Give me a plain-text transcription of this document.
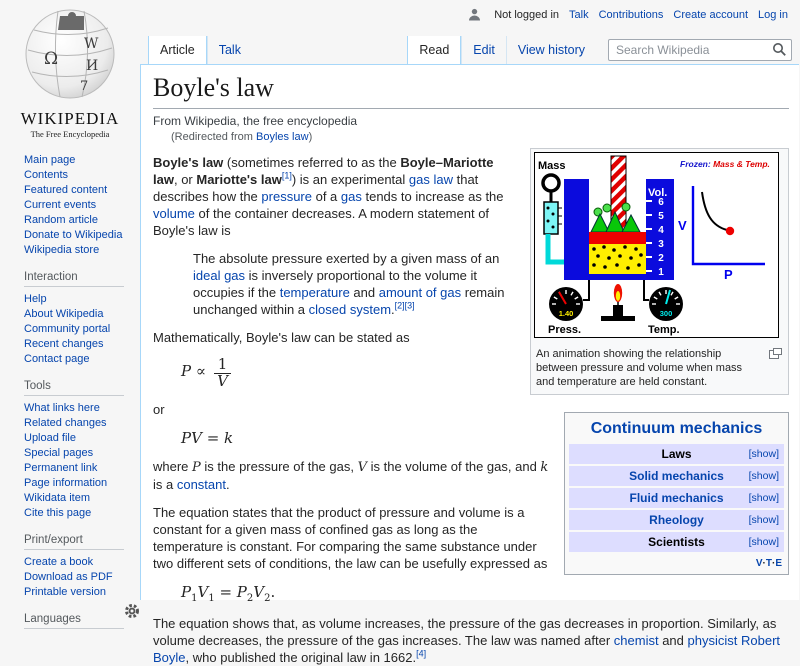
Ω
W
И
7
WIKIPEDIA
The Free Encyclopedia
Main page
Contents
Featured content
Current events
Random article
Donate to Wikipedia
Wikipedia store
Interaction
Help
About Wikipedia
Community portal
Recent changes
Contact page
Tools
What links here
Related changes
Upload file
Special pages
Permanent link
Page information
Wikidata item
Cite this page
Print/export
Create a book
Download as PDF
Printable version
Languages
Not logged in Talk Contributions Create account Log in
Article	Talk	Read	Edit	View history
Search Wikipedia
Boyle's law
From Wikipedia, the free encyclopedia
(Redirected from Boyles law)
Mass
Vol.
6
5
4
3
2
1
Frozen: Mass & Temp.
V
P
1.40	300
Press.	Temp.
An animation showing the relationship between pressure and volume when mass and temperature are held constant.

Boyle's law (sometimes referred to as the Boyle–Mariotte law, or Mariotte's law[1]) is an experimental gas law that describes how the pressure of a gas tends to increase as the volume of the container decreases. A modern statement of Boyle's law is

The absolute pressure exerted by a given mass of an ideal gas is inversely proportional to the volume it occupies if the temperature and amount of gas remain unchanged within a closed system.[2][3]
Continuum mechanics
Laws	[show]
Solid mechanics [show]
Fluid mechanics [show]
Rheology	[show]
Scientists	[show]
V·T·E

Mathematically, Boyle's law can be stated as

$P \propto \frac{1}{V}$

or

PV = k

where P is the pressure of the gas, V is the volume of the gas, and k is a constant.

The equation states that the product of pressure and volume is a constant for a given mass of confined gas as long as the temperature is constant. For comparing the same substance under two different sets of conditions, the law can be usefully expressed as

$P_1V_1 = P_2V_2$.

The equation shows that, as volume increases, the pressure of the gas decreases in proportion. Similarly, as volume decreases, the pressure of the gas increases. The law was named after chemist and physicist Robert Boyle, who published the original law in 1662.[4]
